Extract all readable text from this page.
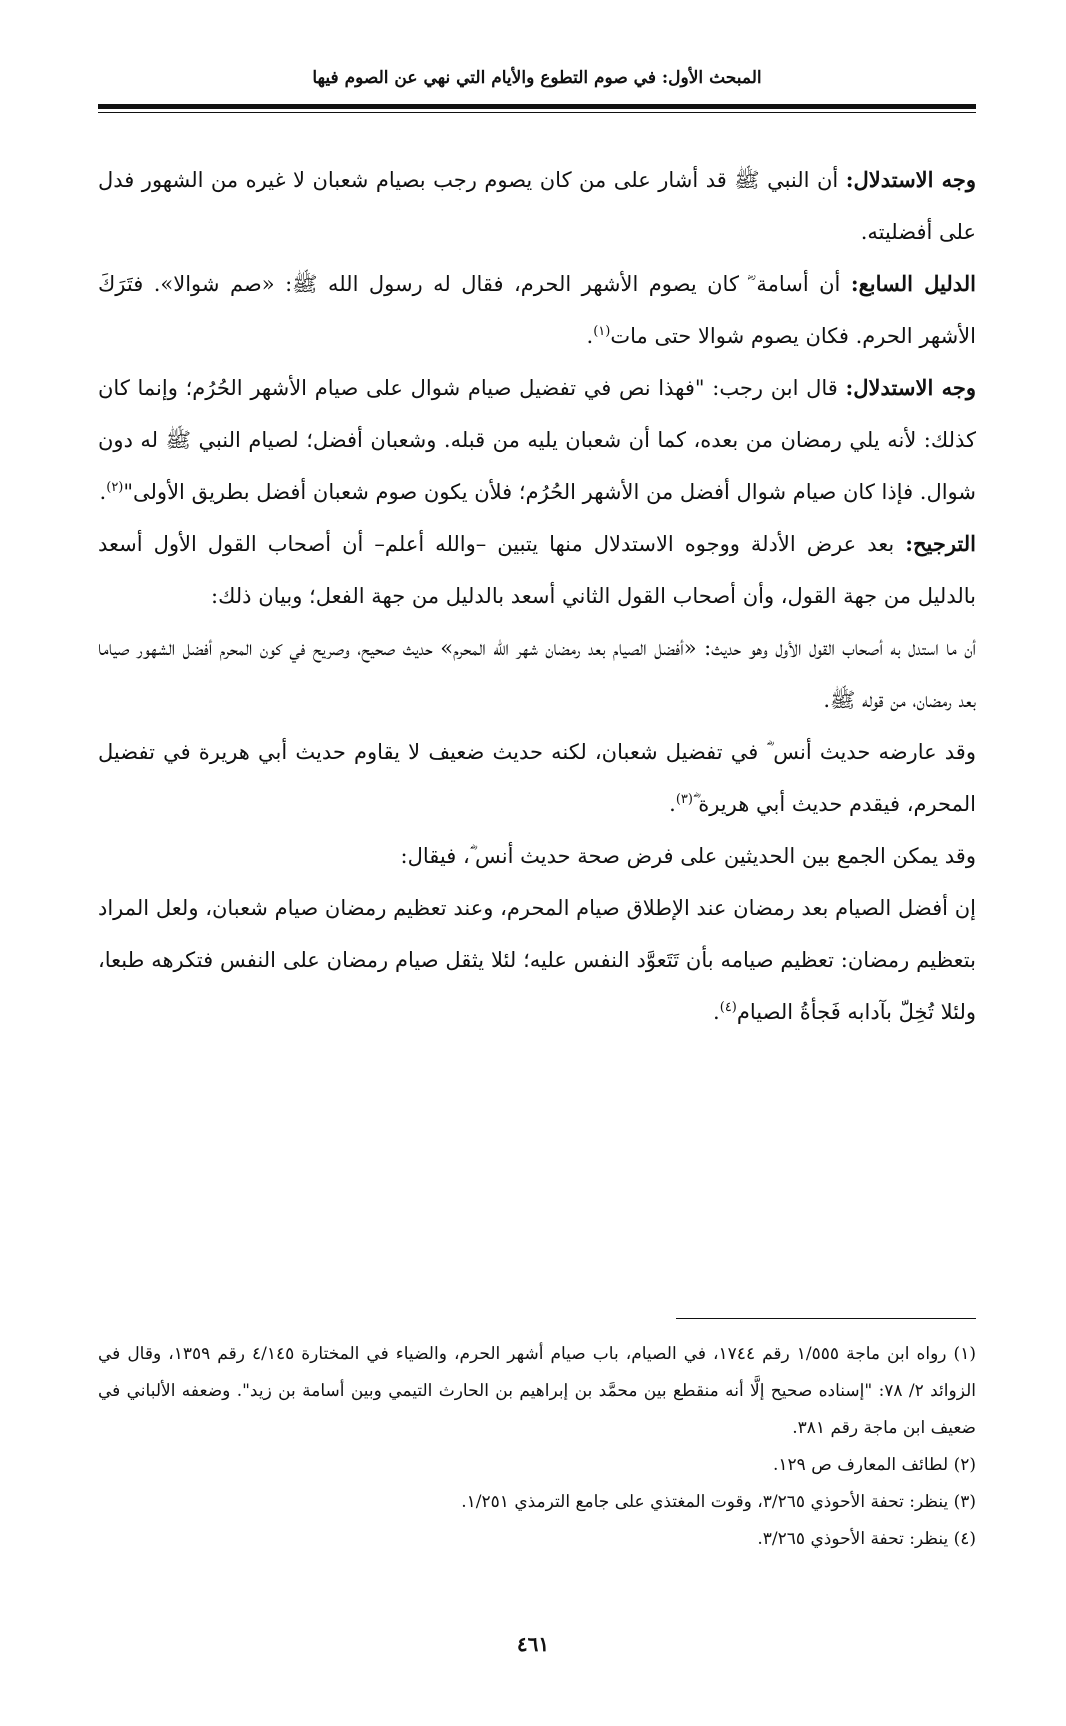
المبحث الأول: في صوم التطوع والأيام التي نهي عن الصوم فيها

وجه الاستدلال: أن النبي ﷺ قد أشار على من كان يصوم رجب بصيام شعبان لا غيره من الشهور فدل على أفضليته.

الدليل السابع: أن أسامة ؓ كان يصوم الأشهر الحرم، فقال له رسول الله ﷺ: «صم شوالا». فتَرَكَ الأشهر الحرم. فكان يصوم شوالا حتى مات$^{(١)}$.

وجه الاستدلال: قال ابن رجب: "فهذا نص في تفضيل صيام شوال على صيام الأشهر الحُرُم؛ وإنما كان كذلك: لأنه يلي رمضان من بعده، كما أن شعبان يليه من قبله. وشعبان أفضل؛ لصيام النبي ﷺ له دون شوال. فإذا كان صيام شوال أفضل من الأشهر الحُرُم؛ فلأن يكون صوم شعبان أفضل بطريق الأولى"$^{(٢)}$.

الترجيح: بعد عرض الأدلة ووجوه الاستدلال منها يتبين –والله أعلم– أن أصحاب القول الأول أسعد بالدليل من جهة القول، وأن أصحاب القول الثاني أسعد بالدليل من جهة الفعل؛ وبيان ذلك:

أن ما استدل به أصحاب القول الأول وهو حديث: «أفضل الصيام بعد رمضان شهر الله المحرم» حديث صحيح، وصريح في كون المحرم أفضل الشهور صياما بعد رمضان، من قوله ﷺ.

وقد عارضه حديث أنس ؓ في تفضيل شعبان، لكنه حديث ضعيف لا يقاوم حديث أبي هريرة في تفضيل المحرم، فيقدم حديث أبي هريرة ؓ$^{(٣)}$.

وقد يمكن الجمع بين الحديثين على فرض صحة حديث أنس ؓ، فيقال:

إن أفضل الصيام بعد رمضان عند الإطلاق صيام المحرم، وعند تعظيم رمضان صيام شعبان، ولعل المراد بتعظيم رمضان: تعظيم صيامه بأن تَتَعوَّد النفس عليه؛ لئلا يثقل صيام رمضان على النفس فتكرهه طبعا، ولئلا تُخِلّ بآدابه فَجأةُ الصيام$^{(٤)}$.

(١) رواه ابن ماجة ١/٥٥٥ رقم ١٧٤٤، في الصيام، باب صيام أشهر الحرم، والضياء في المختارة ٤/١٤٥ رقم ١٣٥٩، وقال في الزوائد ٢/ ٧٨: "إسناده صحيح إلَّا أنه منقطع بين محمَّد بن إبراهيم بن الحارث التيمي وبين أسامة بن زيد". وضعفه الألباني في ضعيف ابن ماجة رقم ٣٨١.

(٢) لطائف المعارف ص ١٢٩.

(٣) ينظر: تحفة الأحوذي ٣/٢٦٥، وقوت المغتذي على جامع الترمذي ١/٢٥١.

(٤) ينظر: تحفة الأحوذي ٣/٢٦٥.

٤٦١
